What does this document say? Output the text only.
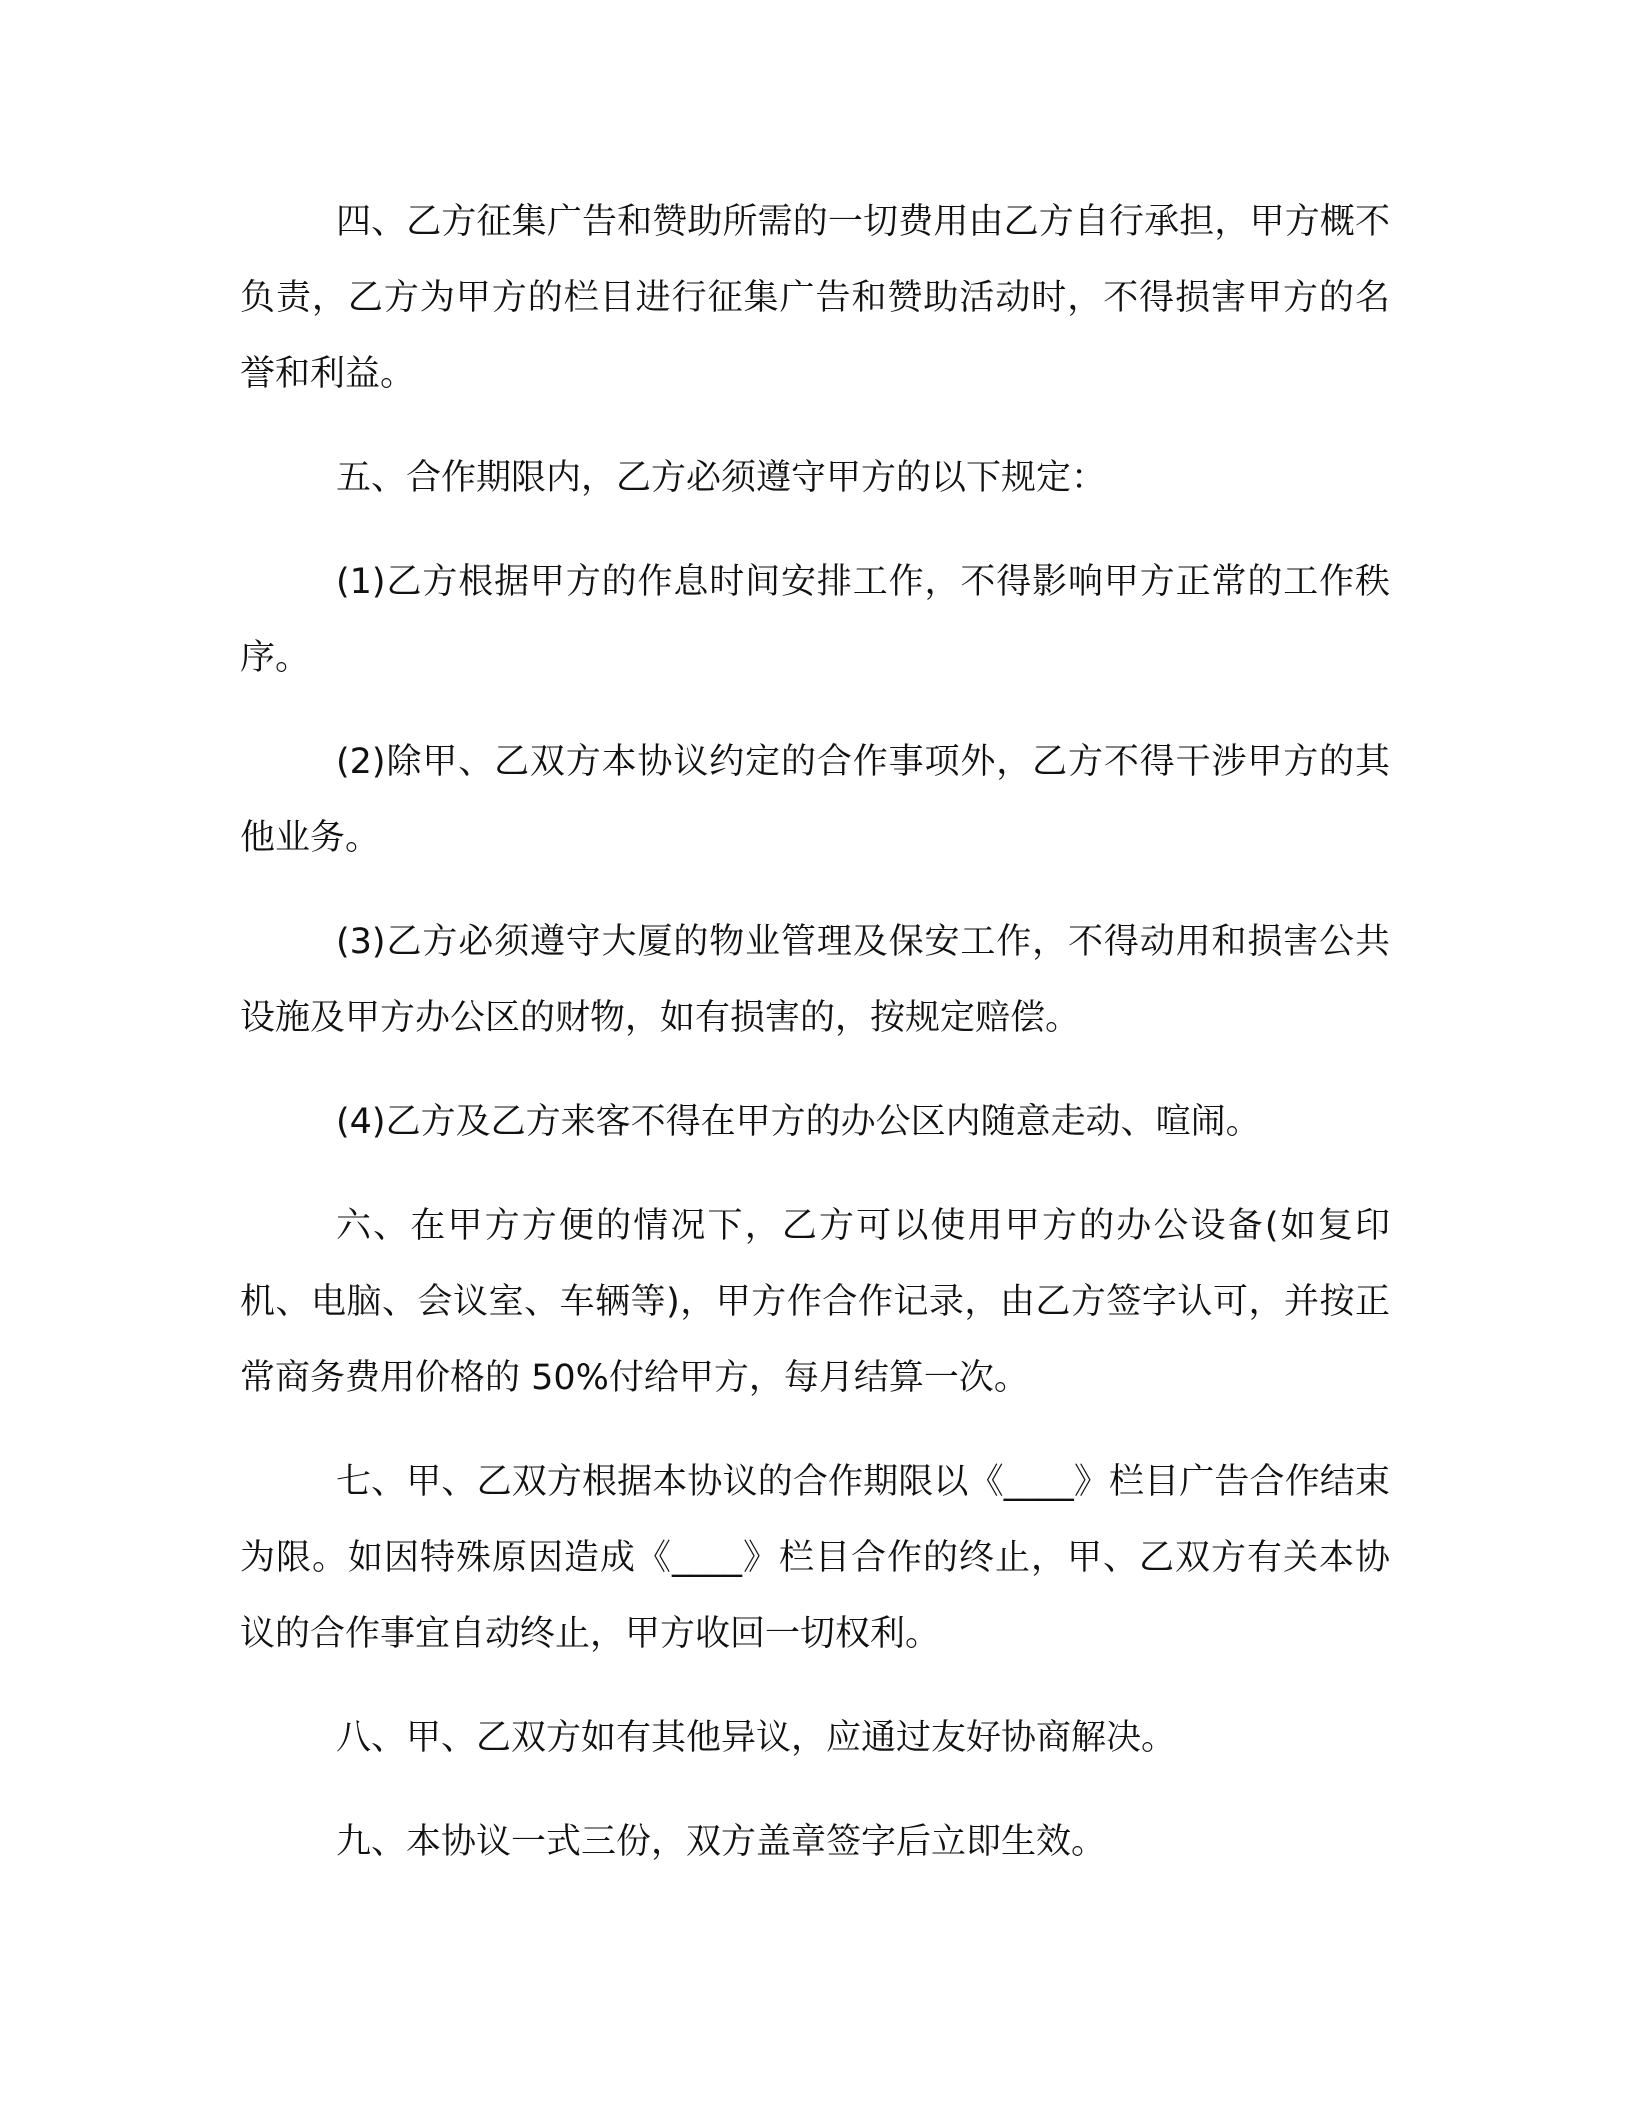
四、乙方征集广告和赞助所需的一切费用由乙方自行承担，甲方概不负责，乙方为甲方的栏目进行征集广告和赞助活动时，不得损害甲方的名誉和利益。

五、合作期限内，乙方必须遵守甲方的以下规定：

(1)乙方根据甲方的作息时间安排工作，不得影响甲方正常的工作秩序。

(2)除甲、乙双方本协议约定的合作事项外，乙方不得干涉甲方的其他业务。

(3)乙方必须遵守大厦的物业管理及保安工作，不得动用和损害公共设施及甲方办公区的财物，如有损害的，按规定赔偿。

(4)乙方及乙方来客不得在甲方的办公区内随意走动、喧闹。

六、在甲方方便的情况下，乙方可以使用甲方的办公设备(如复印机、电脑、会议室、车辆等)，甲方作合作记录，由乙方签字认可，并按正常商务费用价格的 50%付给甲方，每月结算一次。

七、甲、乙双方根据本协议的合作期限以《____》栏目广告合作结束为限。如因特殊原因造成《____》栏目合作的终止，甲、乙双方有关本协议的合作事宜自动终止，甲方收回一切权利。

八、甲、乙双方如有其他异议，应通过友好协商解决。

九、本协议一式三份，双方盖章签字后立即生效。
